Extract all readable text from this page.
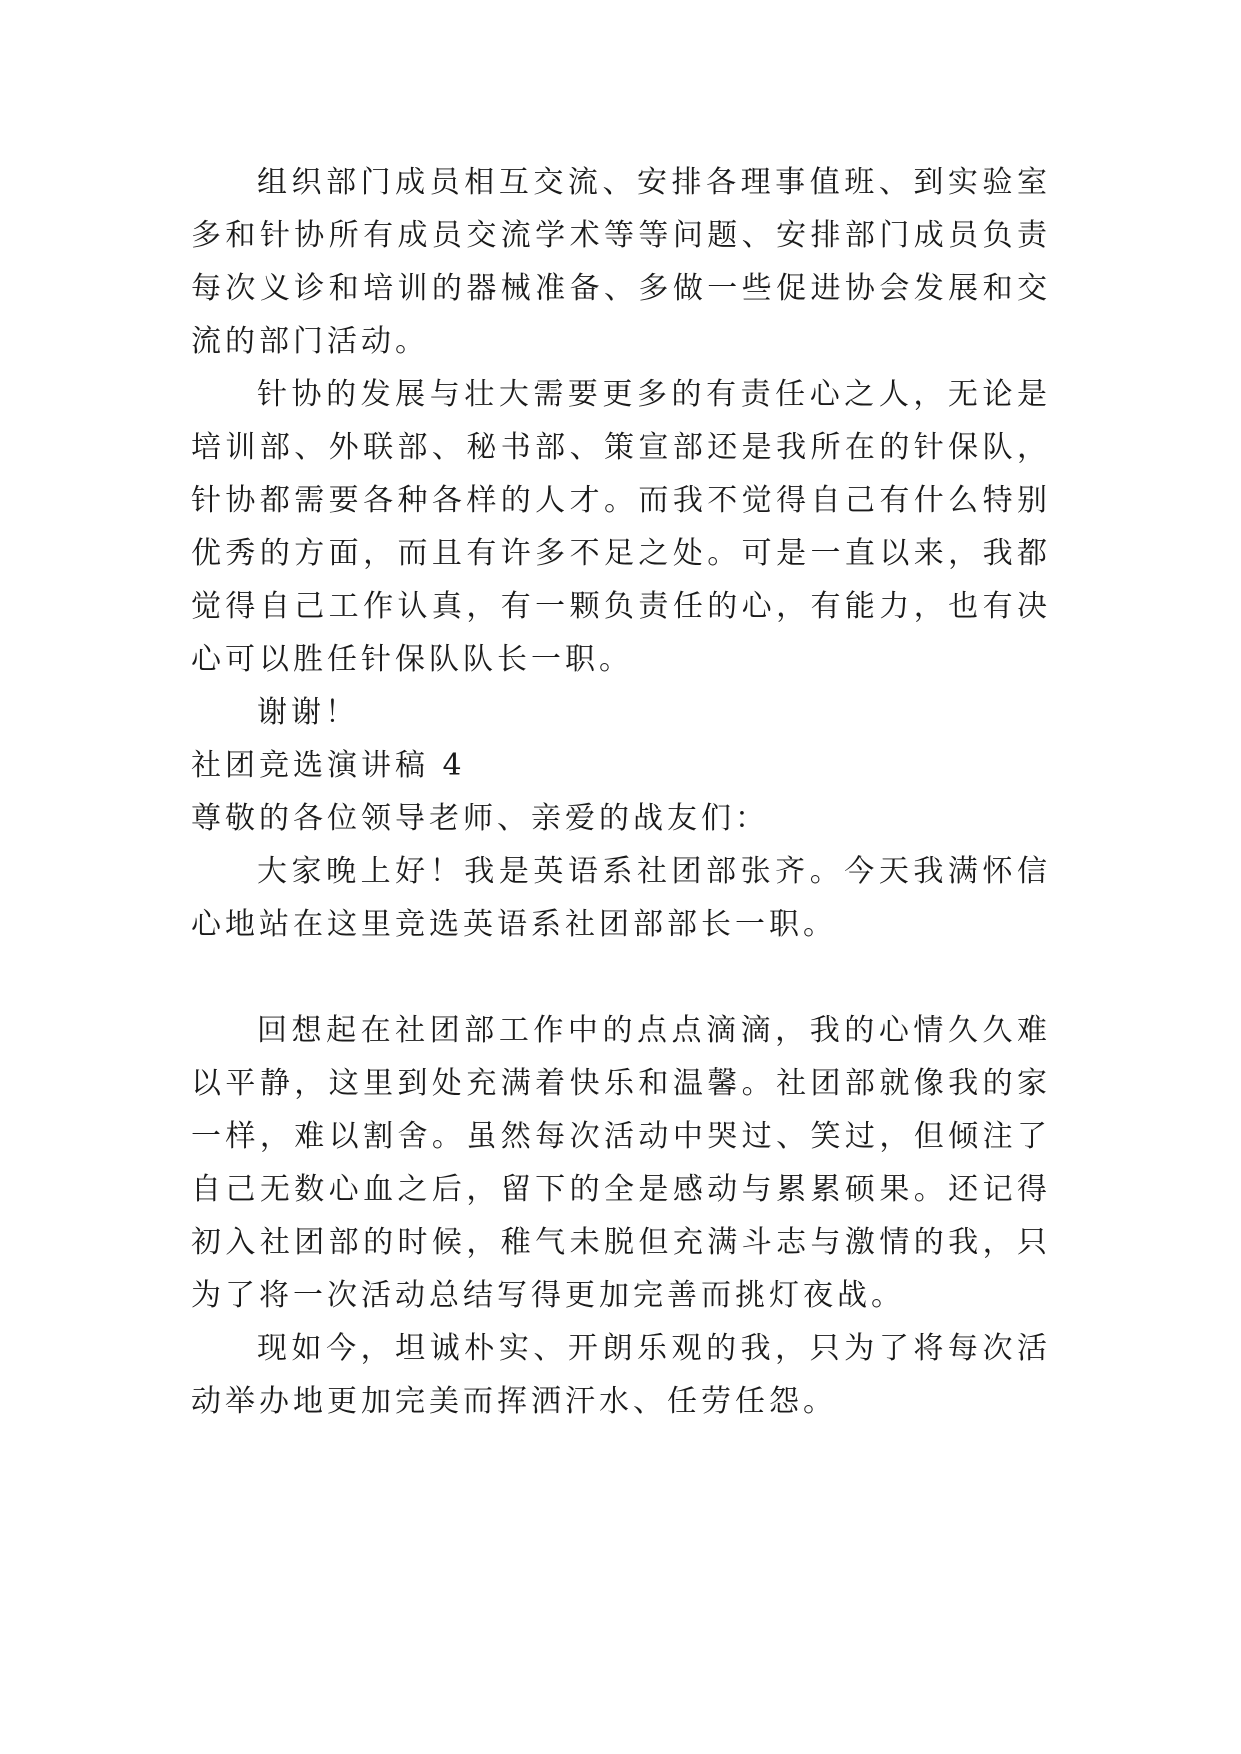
组织部门成员相互交流、安排各理事值班、到实验室多和针协所有成员交流学术等等问题、安排部门成员负责每次义诊和培训的器械准备、多做一些促进协会发展和交流的部门活动。

针协的发展与壮大需要更多的有责任心之人，无论是培训部、外联部、秘书部、策宣部还是我所在的针保队，针协都需要各种各样的人才。而我不觉得自己有什么特别优秀的方面，而且有许多不足之处。可是一直以来，我都觉得自己工作认真，有一颗负责任的心，有能力，也有决心可以胜任针保队队长一职。

谢谢！

社团竞选演讲稿 4

尊敬的各位领导老师、亲爱的战友们：

大家晚上好！我是英语系社团部张齐。今天我满怀信心地站在这里竞选英语系社团部部长一职。

回想起在社团部工作中的点点滴滴，我的心情久久难以平静，这里到处充满着快乐和温馨。社团部就像我的家一样，难以割舍。虽然每次活动中哭过、笑过，但倾注了自己无数心血之后，留下的全是感动与累累硕果。还记得初入社团部的时候，稚气未脱但充满斗志与激情的我，只为了将一次活动总结写得更加完善而挑灯夜战。

现如今，坦诚朴实、开朗乐观的我，只为了将每次活动举办地更加完美而挥洒汗水、任劳任怨。
